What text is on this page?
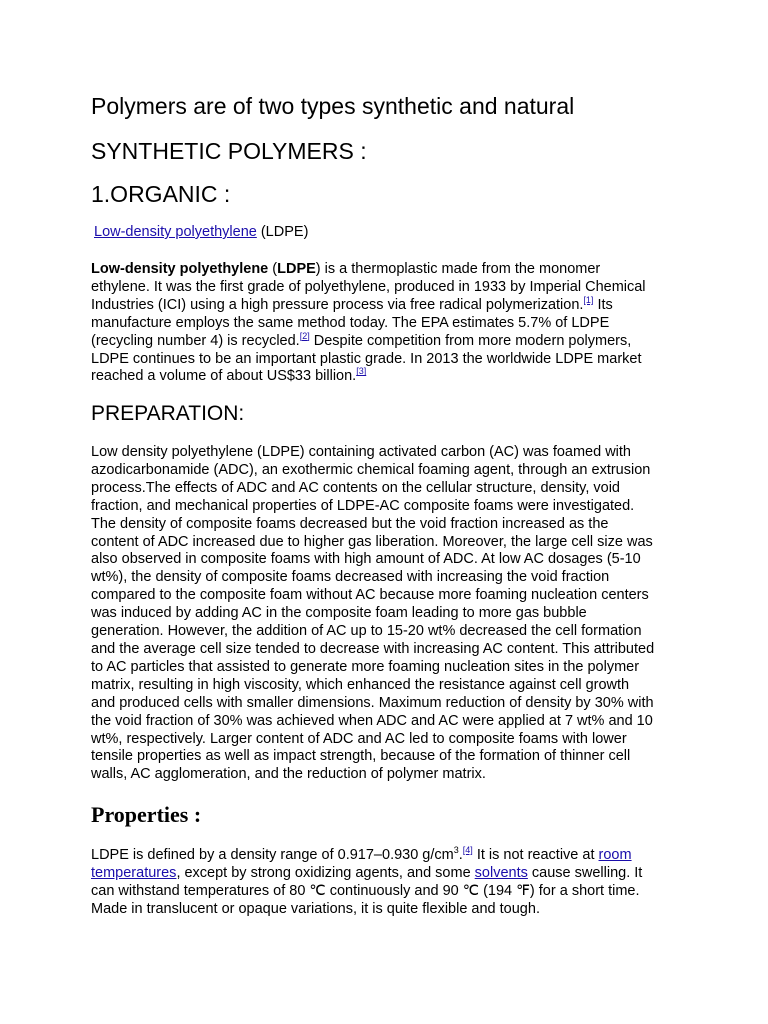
Polymers are of two types synthetic and natural
SYNTHETIC POLYMERS :
1.ORGANIC :

Low-density polyethylene (LDPE)

Low-density polyethylene (LDPE) is a thermoplastic made from the monomer
ethylene. It was the first grade of polyethylene, produced in 1933 by Imperial Chemical
Industries (ICI) using a high pressure process via free radical polymerization.[1] Its
manufacture employs the same method today. The EPA estimates 5.7% of LDPE
(recycling number 4) is recycled.[2] Despite competition from more modern polymers,
LDPE continues to be an important plastic grade. In 2013 the worldwide LDPE market
reached a volume of about US$33 billion.[3]

PREPARATION:

Low density polyethylene (LDPE) containing activated carbon (AC) was foamed with
azodicarbonamide (ADC), an exothermic chemical foaming agent, through an extrusion
process.The effects of ADC and AC contents on the cellular structure, density, void
fraction, and mechanical properties of LDPE-AC composite foams were investigated.
The density of composite foams decreased but the void fraction increased as the
content of ADC increased due to higher gas liberation. Moreover, the large cell size was
also observed in composite foams with high amount of ADC. At low AC dosages (5-10
wt%), the density of composite foams decreased with increasing the void fraction
compared to the composite foam without AC because more foaming nucleation centers
was induced by adding AC in the composite foam leading to more gas bubble
generation. However, the addition of AC up to 15-20 wt% decreased the cell formation
and the average cell size tended to decrease with increasing AC content. This attributed
to AC particles that assisted to generate more foaming nucleation sites in the polymer
matrix, resulting in high viscosity, which enhanced the resistance against cell growth
and produced cells with smaller dimensions. Maximum reduction of density by 30% with
the void fraction of 30% was achieved when ADC and AC were applied at 7 wt% and 10
wt%, respectively. Larger content of ADC and AC led to composite foams with lower
tensile properties as well as impact strength, because of the formation of thinner cell
walls, AC agglomeration, and the reduction of polymer matrix.

Properties :

LDPE is defined by a density range of 0.917–0.930 $g/cm^3.[4]$ It is not reactive at room
temperatures, except by strong oxidizing agents, and some solvents cause swelling. It
can withstand temperatures of 80 ℃ continuously and 90 ℃ (194 ℉) for a short time.
Made in translucent or opaque variations, it is quite flexible and tough.
